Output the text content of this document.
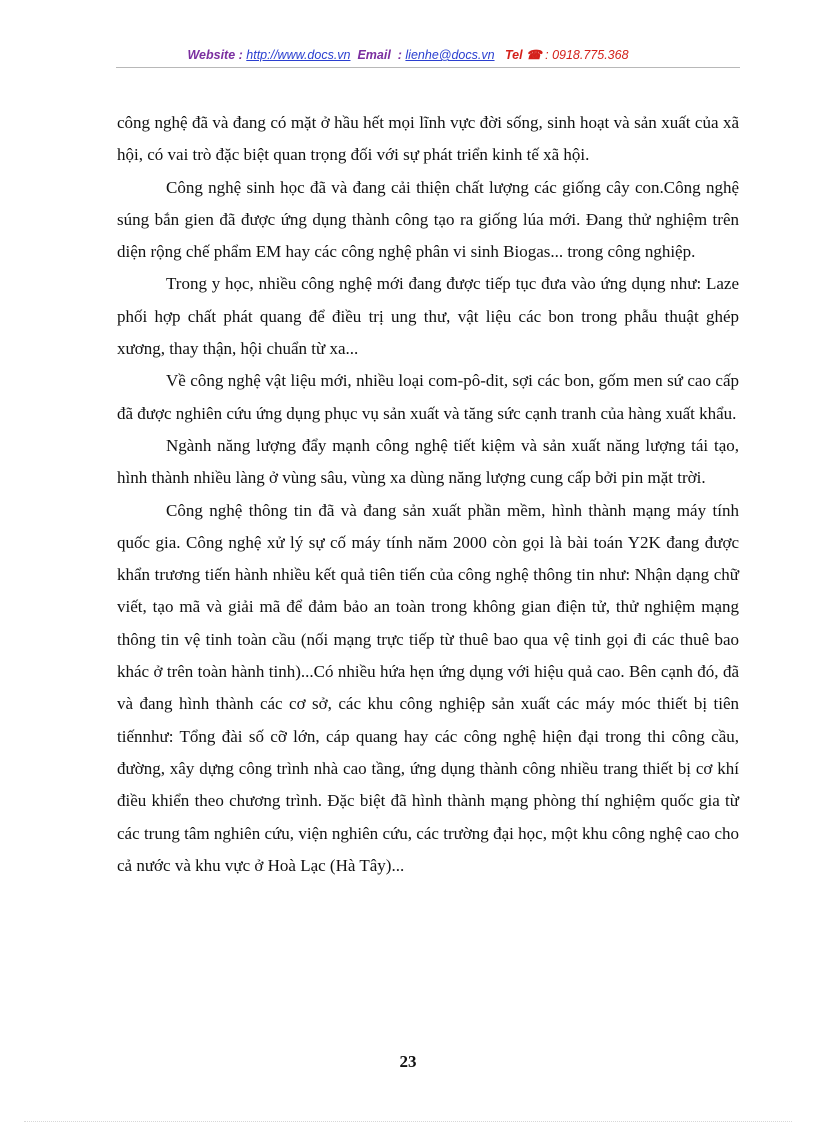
Website : http://www.docs.vn Email : lienhe@docs.vn Tel ☎ : 0918.775.368

công nghệ đã và đang có mặt ở hầu hết mọi lĩnh vực đời sống, sinh hoạt và sản xuất của xã hội, có vai trò đặc biệt quan trọng đối với sự phát triển kinh tế xã hội.

Công nghệ sinh học đã và đang cải thiện chất lượng các giống cây con.Công nghệ súng bắn gien đã được ứng dụng thành công tạo ra giống lúa mới. Đang thử nghiệm trên diện rộng chế phẩm EM hay các công nghệ phân vi sinh Biogas... trong công nghiệp.

Trong y học, nhiều công nghệ mới đang được tiếp tục đưa vào ứng dụng như: Laze phối hợp chất phát quang để điều trị ung thư, vật liệu các bon trong phẫu thuật ghép xương, thay thận, hội chuẩn từ xa...

Về công nghệ vật liệu mới, nhiều loại com-pô-dit, sợi các bon, gốm men sứ cao cấp đã được nghiên cứu ứng dụng phục vụ sản xuất và tăng sức cạnh tranh của hàng xuất khẩu.

Ngành năng lượng đẩy mạnh công nghệ tiết kiệm và sản xuất năng lượng tái tạo, hình thành nhiều làng ở vùng sâu, vùng xa dùng năng lượng cung cấp bởi pin mặt trời.

Công nghệ thông tin đã và đang sản xuất phần mềm, hình thành mạng máy tính quốc gia. Công nghệ xử lý sự cố máy tính năm 2000 còn gọi là bài toán Y2K đang được khẩn trương tiến hành nhiều kết quả tiên tiến của công nghệ thông tin như: Nhận dạng chữ viết, tạo mã và giải mã để đảm bảo an toàn trong không gian điện tử, thử nghiệm mạng thông tin vệ tinh toàn cầu (nối mạng trực tiếp từ thuê bao qua vệ tinh gọi đi các thuê bao khác ở trên toàn hành tinh)...Có nhiều hứa hẹn ứng dụng với hiệu quả cao. Bên cạnh đó, đã và đang hình thành các cơ sở, các khu công nghiệp sản xuất các máy móc thiết bị tiên tiếnnhư: Tổng đài số cỡ lớn, cáp quang hay các công nghệ hiện đại trong thi công cầu, đường, xây dựng công trình nhà cao tầng, ứng dụng thành công nhiều trang thiết bị cơ khí điều khiển theo chương trình. Đặc biệt đã hình thành mạng phòng thí nghiệm quốc gia từ các trung tâm nghiên cứu, viện nghiên cứu, các trường đại học, một khu công nghệ cao cho cả nước và khu vực ở Hoà Lạc (Hà Tây)...

23
